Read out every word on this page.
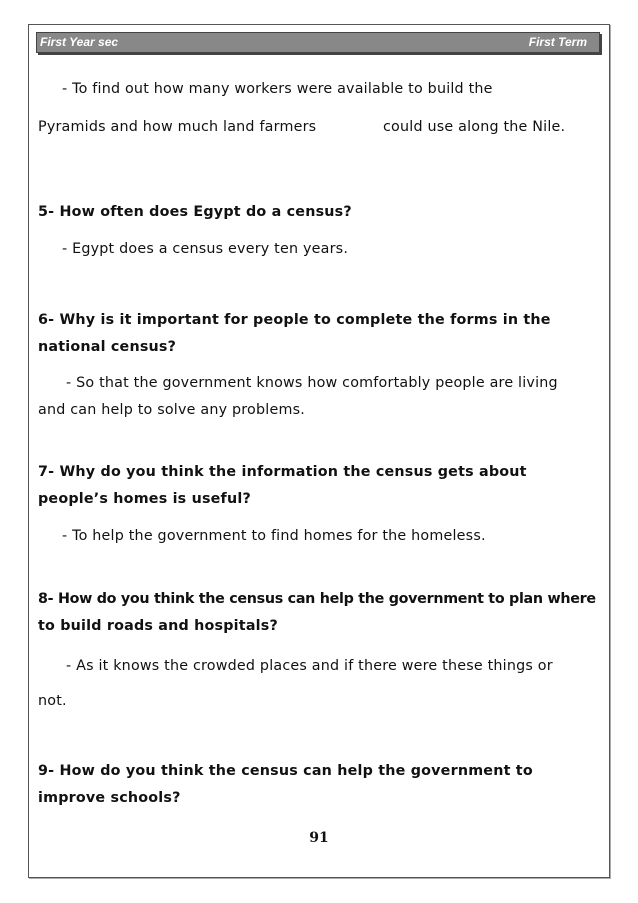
First Year sec	First Term
- To find out how many workers were available to build the
Pyramids and how much land farmers	could use along the Nile.
5- How often does Egypt do a census?
- Egypt does a census every ten years.
6- Why is it important for people to complete the forms in the
national census?
- So that the government knows how comfortably people are living
and can help to solve any problems.
7- Why do you think the information the census gets about
people’s homes is useful?
- To help the government to find homes for the homeless.
8- How do you think the census can help the government to plan where
to build roads and hospitals?
- As it knows the crowded places and if there were these things or
not.
9- How do you think the census can help the government to
improve schools?
91
